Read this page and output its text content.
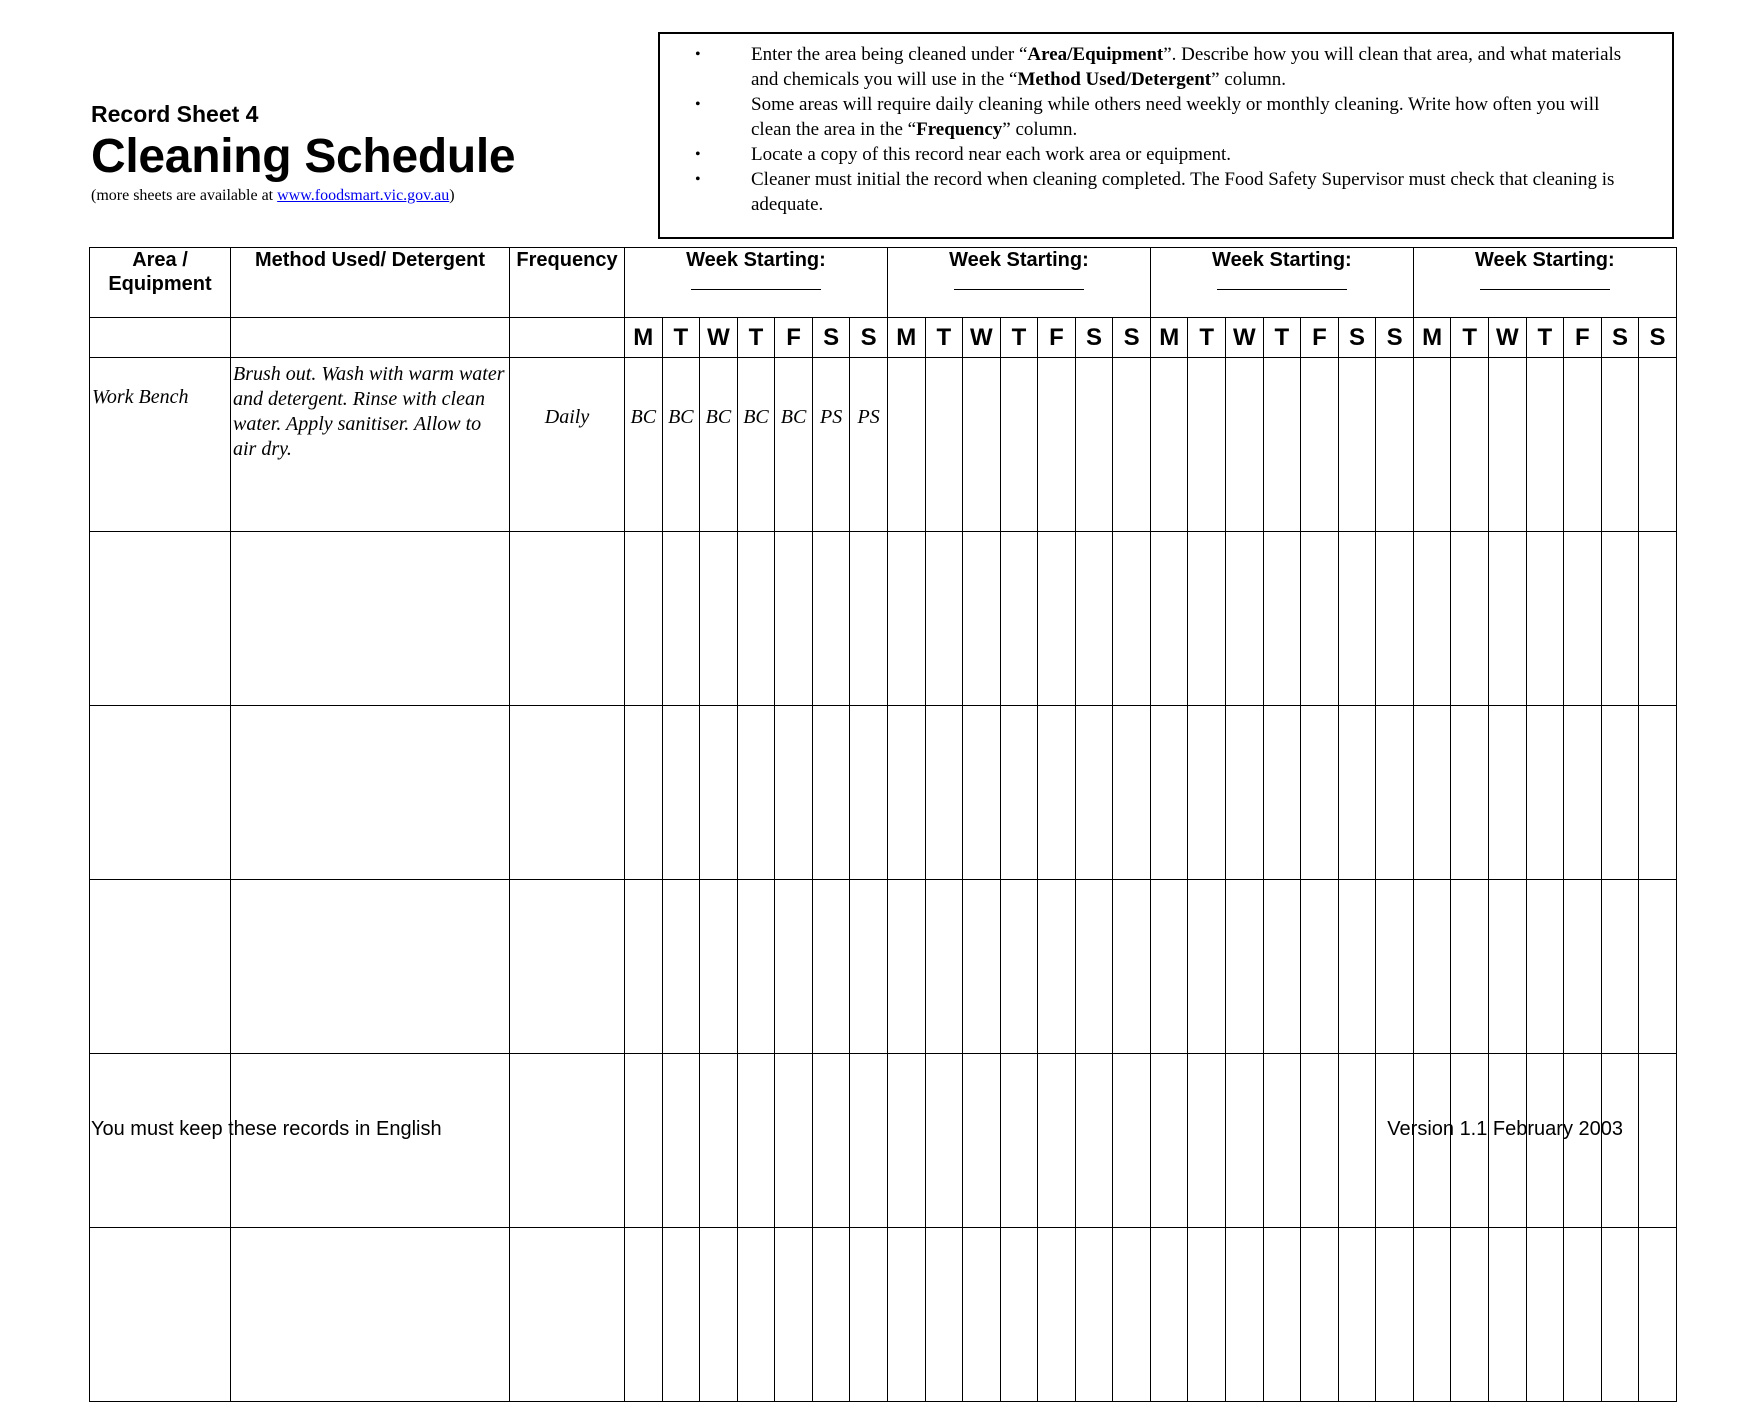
Record Sheet 4
Cleaning Schedule
(more sheets are available at www.foodsmart.vic.gov.au)
• Enter the area being cleaned under “Area/Equipment”. Describe how you will clean that area, and what materials and chemicals you will use in the “Method Used/Detergent” column.
• Some areas will require daily cleaning while others need weekly or monthly cleaning. Write how often you will clean the area in the “Frequency” column.
• Locate a copy of this record near each work area or equipment.
• Cleaner must initial the record when cleaning completed. The Food Safety Supervisor must check that cleaning is adequate.
Area / Equipment	Method Used/ Detergent	Frequency	Week Starting:							Week Starting:							Week Starting:							Week Starting:						

			M	T	W	T	F	S	S	M	T	W	T	F	S	S	M	T	W	T	F	S	S	M	T	W	T	F	S	S
Work Bench	Brush out. Wash with warm water and detergent. Rinse with clean water. Apply sanitiser. Allow to air dry.	Daily	BC	BC	BC	BC	BC	PS	PS																					

You must keep these records in English	Version 1.1 February 2003
